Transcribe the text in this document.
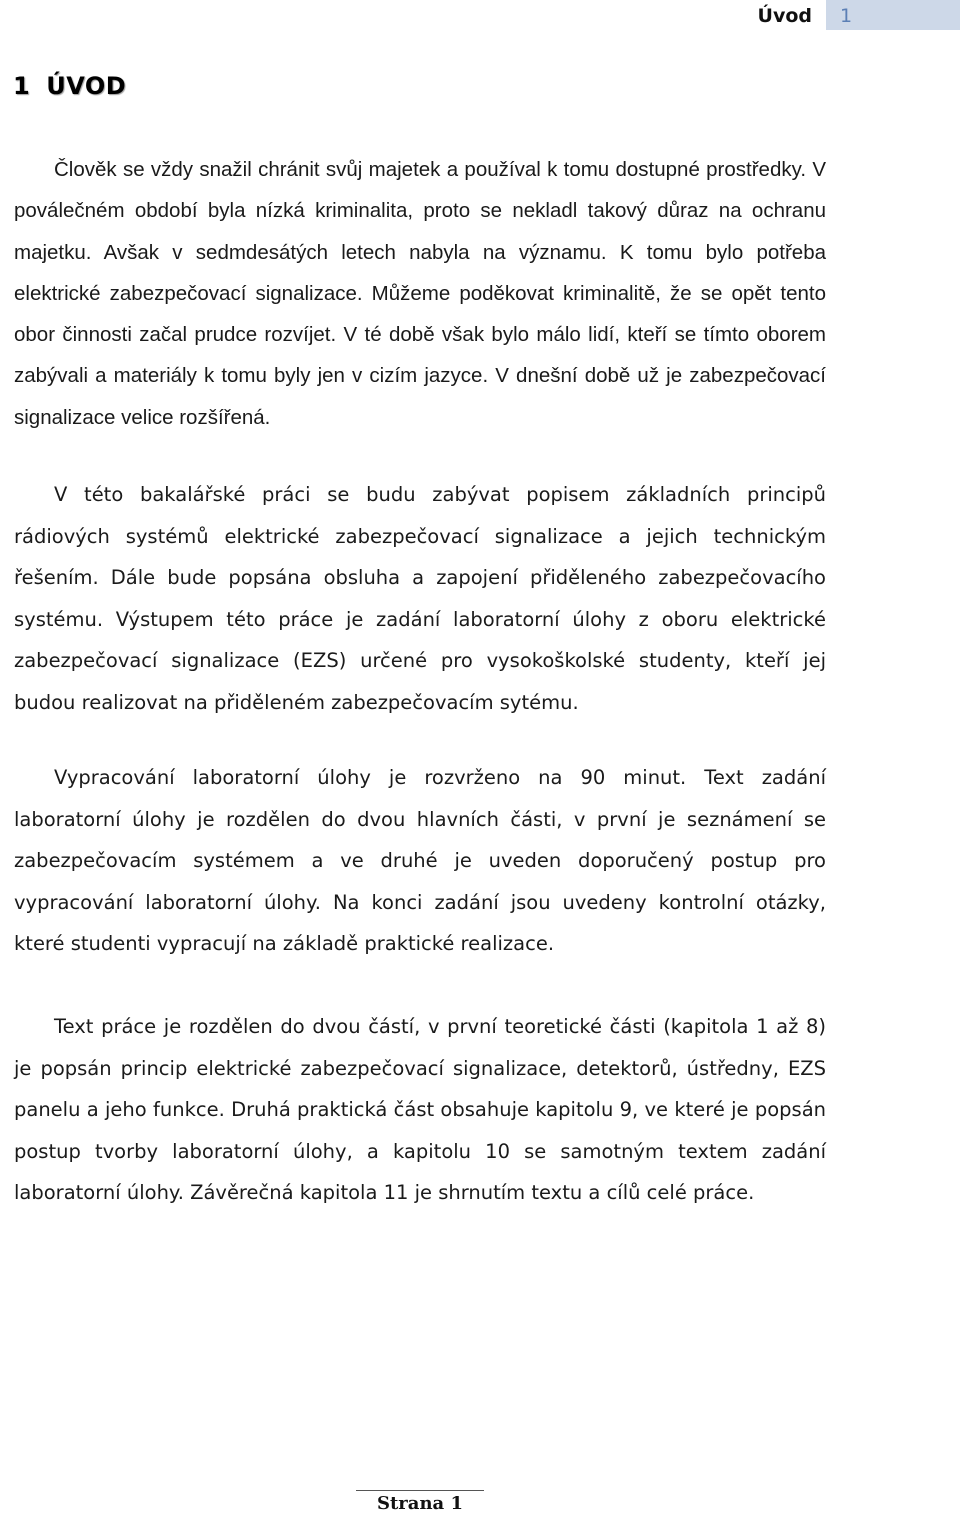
Úvod	1
1 ÚVOD

Člověk se vždy snažil chránit svůj majetek a používal k tomu dostupné prostředky. V poválečném období byla nízká kriminalita, proto se nekladl takový důraz na ochranu majetku. Avšak v sedmdesátých letech nabyla na významu. K tomu bylo potřeba elektrické zabezpečovací signalizace. Můžeme poděkovat kriminalitě, že se opět tento obor činnosti začal prudce rozvíjet. V té době však bylo málo lidí, kteří se tímto oborem zabývali a materiály k tomu byly jen v cizím jazyce. V dnešní době už je zabezpečovací signalizace velice rozšířená.

V této bakalářské práci se budu zabývat popisem základních principů rádiových systémů elektrické zabezpečovací signalizace a jejich technickým řešením. Dále bude popsána obsluha a zapojení přiděleného zabezpečovacího systému. Výstupem této práce je zadání laboratorní úlohy z oboru elektrické zabezpečovací signalizace (EZS) určené pro vysokoškolské studenty, kteří jej budou realizovat na přiděleném zabezpečovacím sytému.

Vypracování laboratorní úlohy je rozvrženo na 90 minut. Text zadání laboratorní úlohy je rozdělen do dvou hlavních části, v první je seznámení se zabezpečovacím systémem a ve druhé je uveden doporučený postup pro vypracování laboratorní úlohy. Na konci zadání jsou uvedeny kontrolní otázky, které studenti vypracují na základě praktické realizace.

Text práce je rozdělen do dvou částí, v první teoretické části (kapitola 1 až 8) je popsán princip elektrické zabezpečovací signalizace, detektorů, ústředny, EZS panelu a jeho funkce. Druhá praktická část obsahuje kapitolu 9, ve které je popsán postup tvorby laboratorní úlohy, a kapitolu 10 se samotným textem zadání laboratorní úlohy. Závěrečná kapitola 11 je shrnutím textu a cílů celé práce.

Strana 1
